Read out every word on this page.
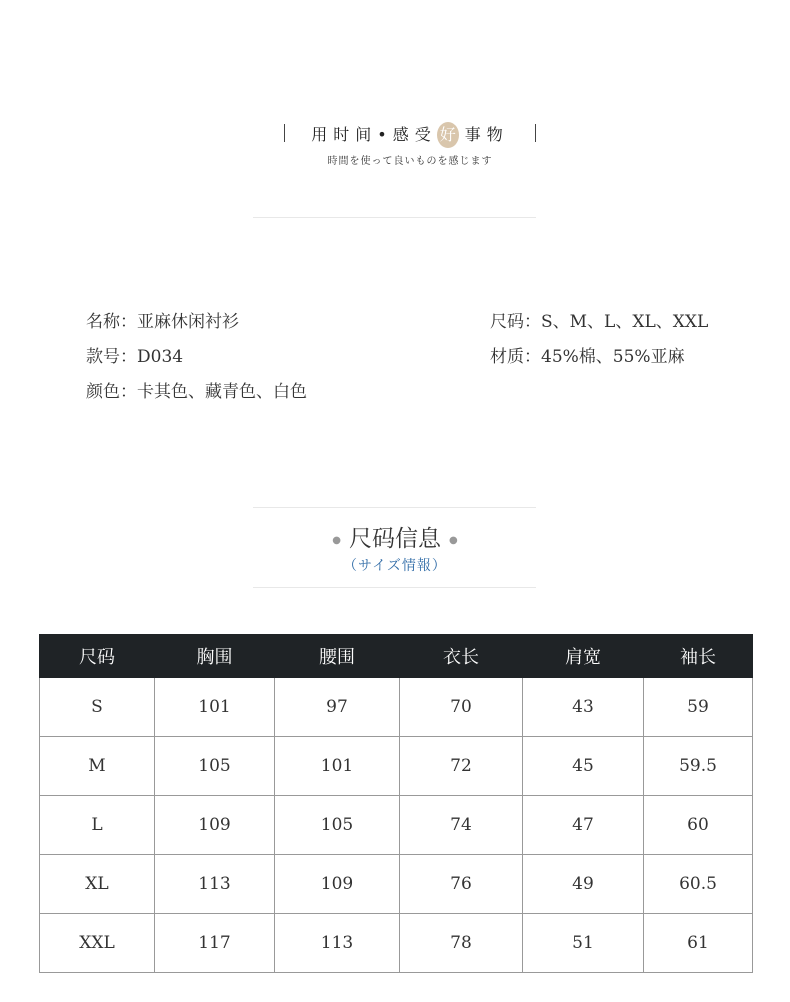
用时间•感受 好 事物
時間を使って良いものを感じます
名称：亚麻休闲衬衫
款号：D034
颜色：卡其色、藏青色、白色
尺码：S、M、L、XL、XXL
材质：45%棉、55%亚麻
● 尺码信息 ●
（サイズ情報）
尺码	胸围	腰围	衣长	肩宽	袖长
S	101	97	70	43	59
M	105	101	72	45	59.5
L	109	105	74	47	60
XL	113	109	76	49	60.5
XXL	117	113	78	51	61
